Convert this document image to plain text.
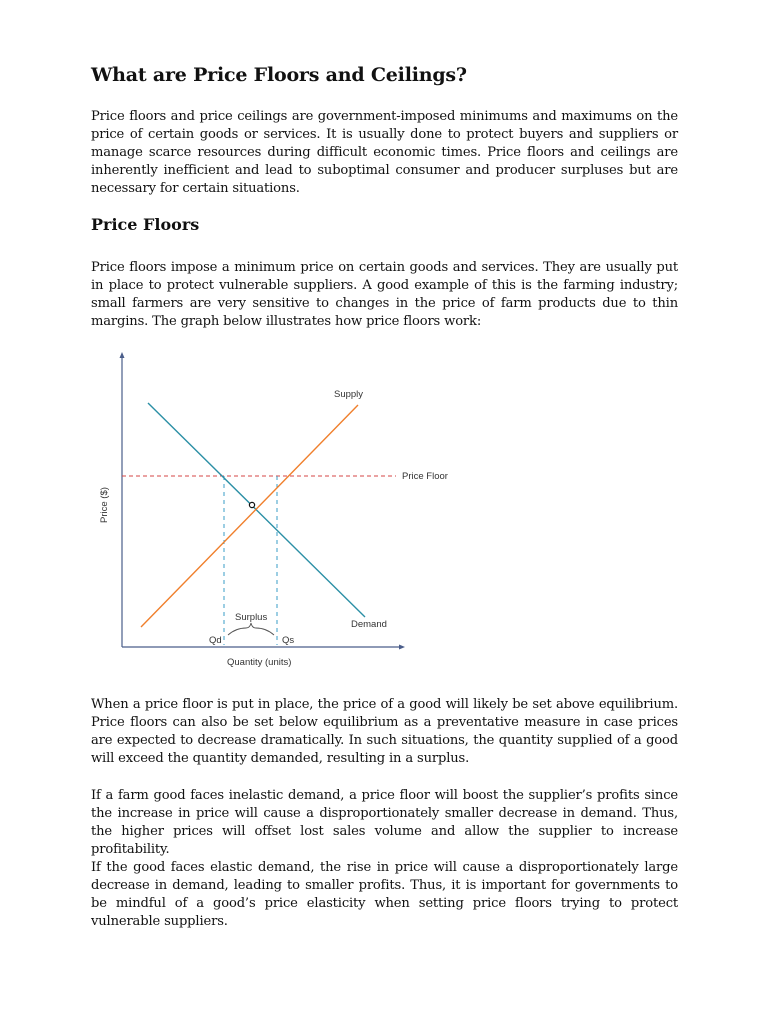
What are Price Floors and Ceilings?

Price floors and price ceilings are government-imposed minimums and maximums on the price of certain goods or services. It is usually done to protect buyers and suppliers or manage scarce resources during difficult economic times. Price floors and ceilings are inherently inefficient and lead to suboptimal consumer and producer surpluses but are necessary for certain situations.

Price Floors

Price floors impose a minimum price on certain goods and services. They are usually put in place to protect vulnerable suppliers. A good example of this is the farming industry; small farmers are very sensitive to changes in the price of farm products due to thin margins. The graph below illustrates how price floors work:

Supply
Demand
Price Floor
Surplus
Qd	Qs
Quantity (units)
Price ($)

When a price floor is put in place, the price of a good will likely be set above equilibrium. Price floors can also be set below equilibrium as a preventative measure in case prices are expected to decrease dramatically. In such situations, the quantity supplied of a good will exceed the quantity demanded, resulting in a surplus.

If a farm good faces inelastic demand, a price floor will boost the supplier’s profits since the increase in price will cause a disproportionately smaller decrease in demand. Thus, the higher prices will offset lost sales volume and allow the supplier to increase profitability.

If the good faces elastic demand, the rise in price will cause a disproportionately large decrease in demand, leading to smaller profits. Thus, it is important for governments to be mindful of a good’s price elasticity when setting price floors trying to protect vulnerable suppliers.
